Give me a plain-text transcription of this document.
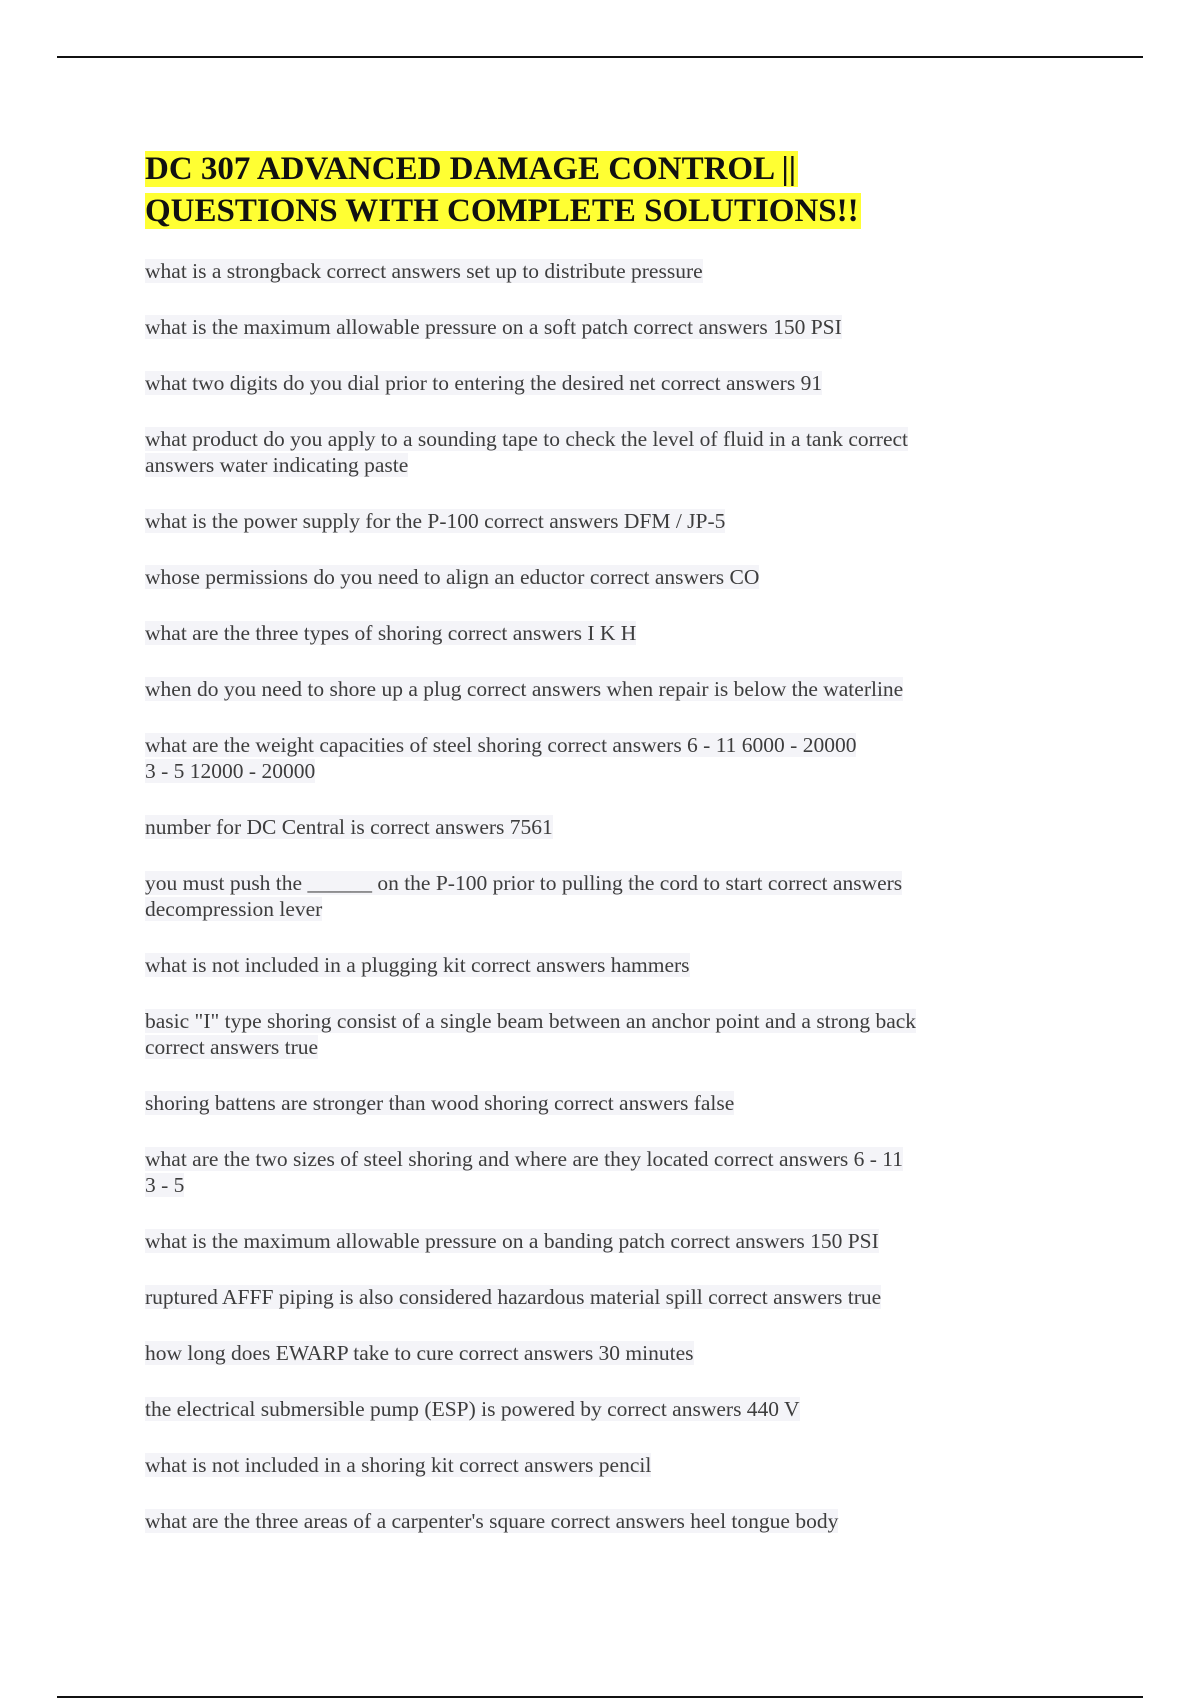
DC 307 ADVANCED DAMAGE CONTROL ||
QUESTIONS WITH COMPLETE SOLUTIONS!!
what is a strongback correct answers set up to distribute pressure
what is the maximum allowable pressure on a soft patch correct answers 150 PSI
what two digits do you dial prior to entering the desired net correct answers 91
what product do you apply to a sounding tape to check the level of fluid in a tank correct
answers water indicating paste
what is the power supply for the P-100 correct answers DFM / JP-5
whose permissions do you need to align an eductor correct answers CO
what are the three types of shoring correct answers I K H
when do you need to shore up a plug correct answers when repair is below the waterline
what are the weight capacities of steel shoring correct answers 6 - 11 6000 - 20000
3 - 5 12000 - 20000
number for DC Central is correct answers 7561
you must push the ______ on the P-100 prior to pulling the cord to start correct answers
decompression lever
what is not included in a plugging kit correct answers hammers
basic "I" type shoring consist of a single beam between an anchor point and a strong back
correct answers true
shoring battens are stronger than wood shoring correct answers false
what are the two sizes of steel shoring and where are they located correct answers 6 - 11
3 - 5
what is the maximum allowable pressure on a banding patch correct answers 150 PSI
ruptured AFFF piping is also considered hazardous material spill correct answers true
how long does EWARP take to cure correct answers 30 minutes
the electrical submersible pump (ESP) is powered by correct answers 440 V
what is not included in a shoring kit correct answers pencil
what are the three areas of a carpenter's square correct answers heel tongue body
